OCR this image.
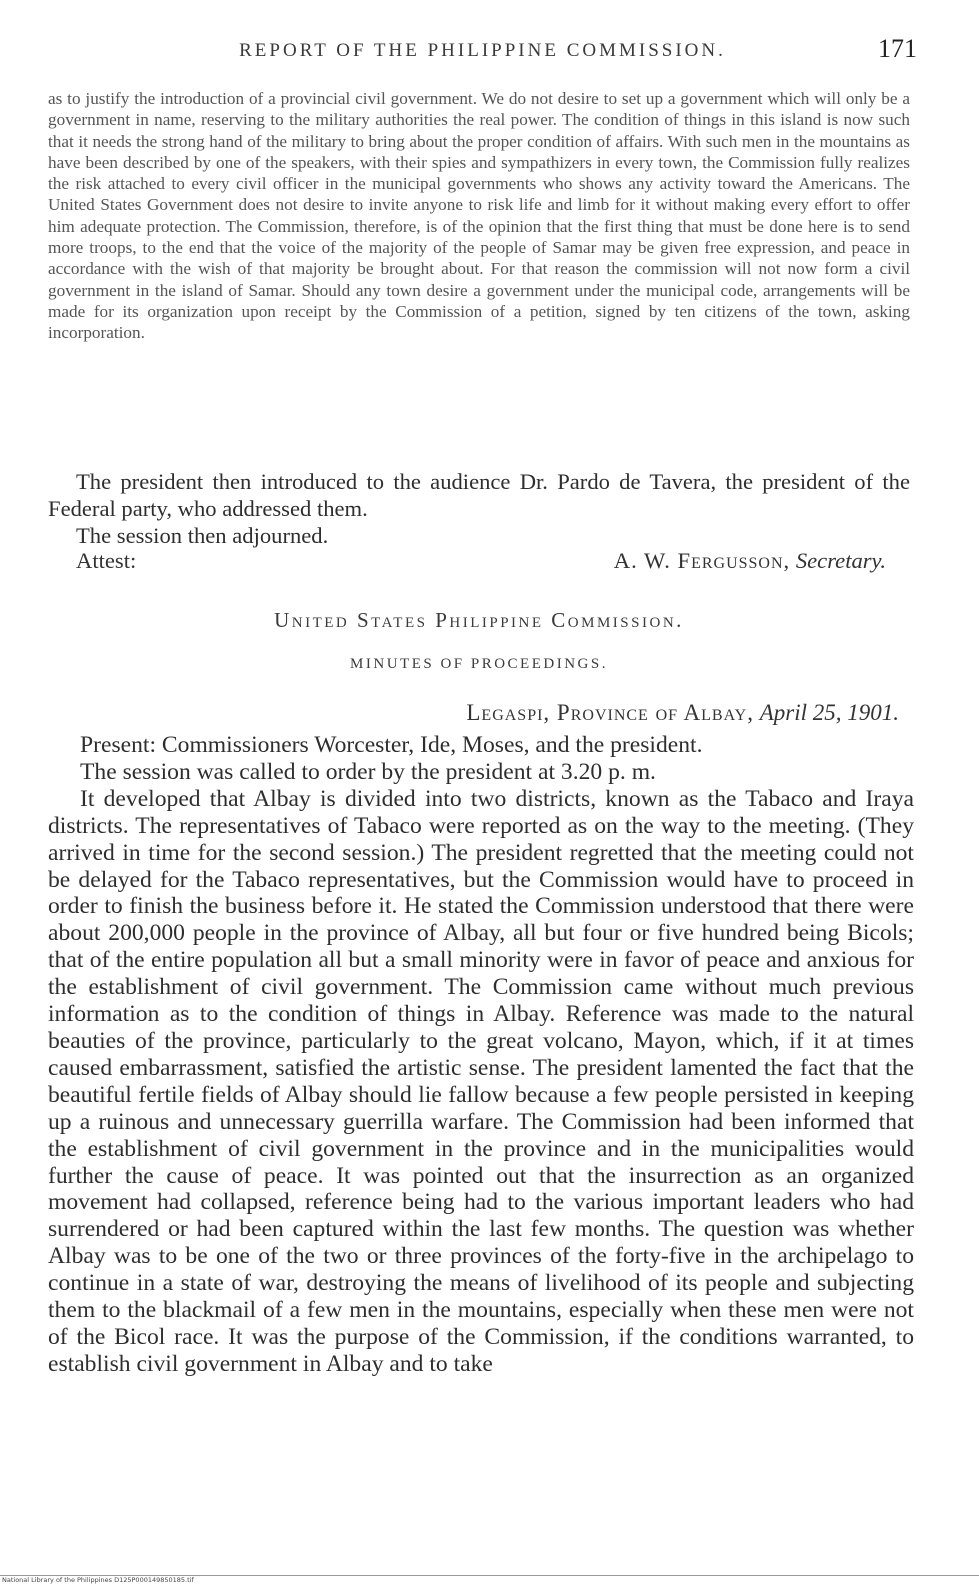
REPORT OF THE PHILIPPINE COMMISSION.	171
as to justify the introduction of a provincial civil government. We do not desire to set up a government which will only be a government in name, reserving to the military authorities the real power. The condition of things in this island is now such that it needs the strong hand of the military to bring about the proper condition of affairs. With such men in the mountains as have been described by one of the speakers, with their spies and sympathizers in every town, the Commission fully realizes the risk attached to every civil officer in the municipal governments who shows any activity toward the Americans. The United States Government does not desire to invite anyone to risk life and limb for it without making every effort to offer him adequate protection. The Commission, therefore, is of the opinion that the first thing that must be done here is to send more troops, to the end that the voice of the majority of the people of Samar may be given free expression, and peace in accordance with the wish of that majority be brought about. For that reason the commission will not now form a civil government in the island of Samar. Should any town desire a government under the municipal code, arrangements will be made for its organization upon receipt by the Commission of a petition, signed by ten citizens of the town, asking incorporation.

The president then introduced to the audience Dr. Pardo de Tavera, the president of the Federal party, who addressed them.

The session then adjourned.

Attest:	A. W. Fergusson, Secretary.
United States Philippine Commission.
MINUTES OF PROCEEDINGS.
Legaspi, Province of Albay, April 25, 1901.

Present: Commissioners Worcester, Ide, Moses, and the president.

The session was called to order by the president at 3.20 p. m.

It developed that Albay is divided into two districts, known as the Tabaco and Iraya districts. The representatives of Tabaco were reported as on the way to the meeting. (They arrived in time for the second session.) The president regretted that the meeting could not be delayed for the Tabaco representatives, but the Commission would have to proceed in order to finish the business before it. He stated the Commission understood that there were about 200,000 people in the province of Albay, all but four or five hundred being Bicols; that of the entire population all but a small minority were in favor of peace and anxious for the establishment of civil government. The Commission came without much previous information as to the condition of things in Albay. Reference was made to the natural beauties of the province, particularly to the great volcano, Mayon, which, if it at times caused embarrassment, satisfied the artistic sense. The president lamented the fact that the beautiful fertile fields of Albay should lie fallow because a few people persisted in keeping up a ruinous and unnecessary guerrilla warfare. The Commission had been informed that the establishment of civil government in the province and in the municipalities would further the cause of peace. It was pointed out that the insurrection as an organized movement had collapsed, reference being had to the various important leaders who had surrendered or had been captured within the last few months. The question was whether Albay was to be one of the two or three provinces of the forty-five in the archipelago to continue in a state of war, destroying the means of livelihood of its people and subjecting them to the blackmail of a few men in the mountains, especially when these men were not of the Bicol race. It was the purpose of the Commission, if the conditions warranted, to establish civil government in Albay and to take

National Library of the Philippines D125P000149850185.tif
